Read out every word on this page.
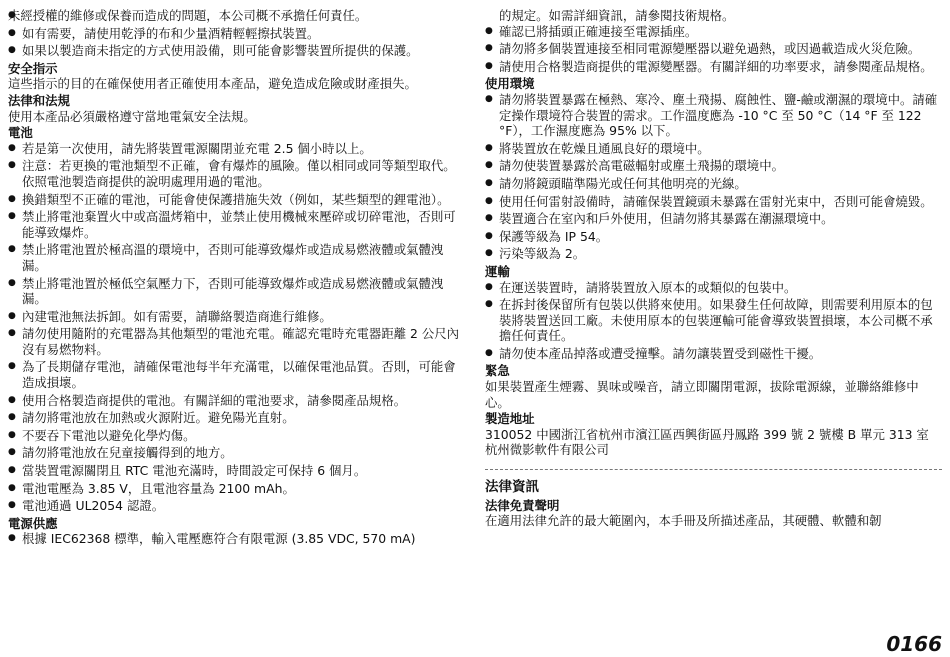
● 未經授權的維修或保養而造成的問題，本公司概不承擔任何責任。
● 如有需要，請使用乾淨的布和少量酒精輕輕擦拭裝置。
● 如果以製造商未指定的方式使用設備，則可能會影響裝置所提供的保護。
安全指示

這些指示的目的在確保使用者正確使用本產品，避免造成危險或財產損失。

法律和法規

使用本產品必須嚴格遵守當地電氣安全法規。

電池
● 若是第一次使用，請先將裝置電源關閉並充電 2.5 個小時以上。
● 注意：若更換的電池類型不正確，會有爆炸的風險。僅以相同或同等類型取代。依照電池製造商提供的說明處理用過的電池。
● 換錯類型不正確的電池，可能會使保護措施失效（例如，某些類型的鋰電池）。
● 禁止將電池棄置火中或高溫烤箱中，並禁止使用機械來壓碎或切碎電池，否則可能導致爆炸。
● 禁止將電池置於極高溫的環境中，否則可能導致爆炸或造成易燃液體或氣體洩漏。
● 禁止將電池置於極低空氣壓力下，否則可能導致爆炸或造成易燃液體或氣體洩漏。
● 內建電池無法拆卸。如有需要，請聯絡製造商進行維修。
● 請勿使用隨附的充電器為其他類型的電池充電。確認充電時充電器距離 2 公尺內沒有易燃物料。
● 為了長期儲存電池，請確保電池每半年充滿電，以確保電池品質。否則，可能會造成損壞。
● 使用合格製造商提供的電池。有關詳細的電池要求，請參閱產品規格。
● 請勿將電池放在加熱或火源附近。避免陽光直射。
● 不要吞下電池以避免化學灼傷。
● 請勿將電池放在兒童接觸得到的地方。
● 當裝置電源關閉且 RTC 電池充滿時，時間設定可保持 6 個月。
● 電池電壓為 3.85 V，且電池容量為 2100 mAh。
● 電池通過 UL2054 認證。
電源供應
● 根據 IEC62368 標準，輸入電壓應符合有限電源 (3.85 VDC, 570 mA)

的規定。如需詳細資訊，請參閱技術規格。

● 確認已將插頭正確連接至電源插座。
● 請勿將多個裝置連接至相同電源變壓器以避免過熱，或因過載造成火災危險。
● 請使用合格製造商提供的電源變壓器。有關詳細的功率要求，請參閱產品規格。
使用環境
● 請勿將裝置暴露在極熱、寒冷、塵土飛揚、腐蝕性、鹽-鹼或潮濕的環境中。請確定操作環境符合裝置的需求。工作溫度應為 -10 °C 至 50 °C（14 °F 至 122 °F），工作濕度應為 95% 以下。
● 將裝置放在乾燥且通風良好的環境中。
● 請勿使裝置暴露於高電磁輻射或塵土飛揚的環境中。
● 請勿將鏡頭瞄準陽光或任何其他明亮的光線。
● 使用任何雷射設備時，請確保裝置鏡頭未暴露在雷射光束中，否則可能會燒毀。
● 裝置適合在室內和戶外使用，但請勿將其暴露在潮濕環境中。
● 保護等級為 IP 54。
● 污染等級為 2。
運輸
● 在運送裝置時，請將裝置放入原本的或類似的包裝中。
● 在拆封後保留所有包裝以供將來使用。如果發生任何故障，則需要利用原本的包裝將裝置送回工廠。未使用原本的包裝運輸可能會導致裝置損壞，本公司概不承擔任何責任。
● 請勿使本產品掉落或遭受撞擊。請勿讓裝置受到磁性干擾。
緊急

如果裝置產生煙霧、異味或噪音，請立即關閉電源，拔除電源線，並聯絡維修中心。

製造地址

310052 中國浙江省杭州市濱江區西興街區丹鳳路 399 號 2 號樓 B 單元 313 室

杭州微影軟件有限公司

法律資訊
法律免責聲明

在適用法律允許的最大範圍內，本手冊及所描述產品，其硬體、軟體和韌

0166
